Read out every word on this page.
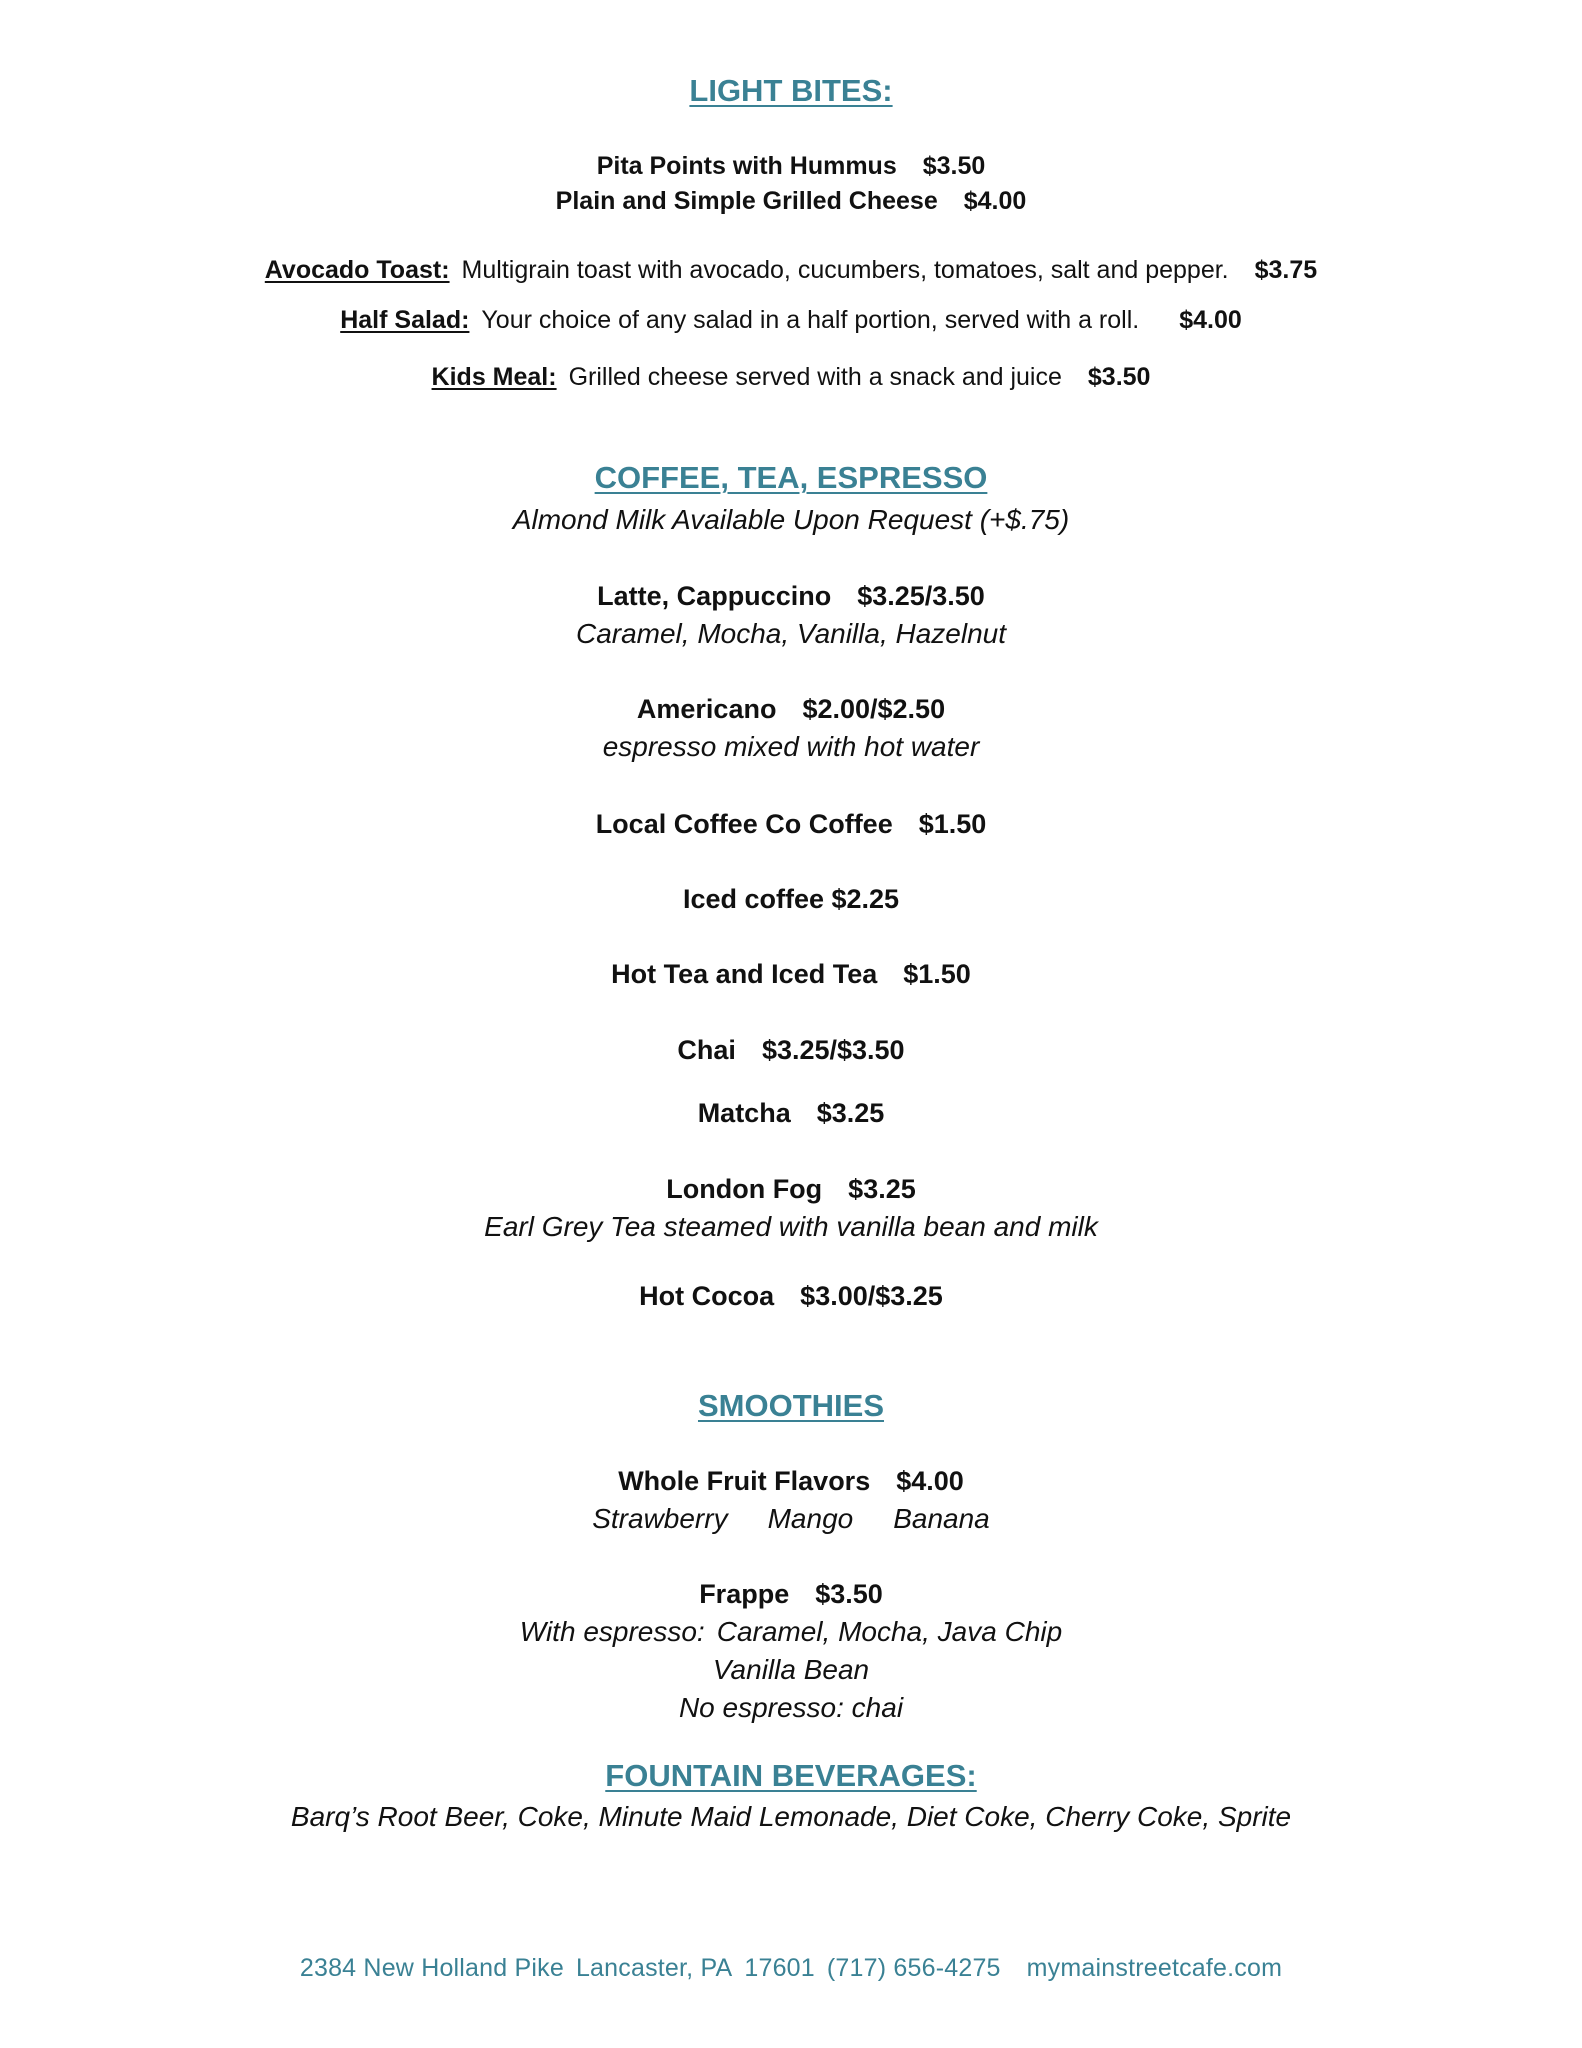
LIGHT BITES:
Pita Points with Hummus $3.50
Plain and Simple Grilled Cheese $4.00
Avocado Toast: Multigrain toast with avocado, cucumbers, tomatoes, salt and pepper. $3.75
Half Salad: Your choice of any salad in a half portion, served with a roll. $4.00
Kids Meal: Grilled cheese served with a snack and juice $3.50
COFFEE, TEA, ESPRESSO
Almond Milk Available Upon Request (+$.75)
Latte, Cappuccino $3.25/3.50
Caramel, Mocha, Vanilla, Hazelnut
Americano $2.00/$2.50
espresso mixed with hot water
Local Coffee Co Coffee $1.50
Iced coffee $2.25
Hot Tea and Iced Tea $1.50
Chai $3.25/$3.50
Matcha $3.25
London Fog $3.25
Earl Grey Tea steamed with vanilla bean and milk
Hot Cocoa $3.00/$3.25
SMOOTHIES
Whole Fruit Flavors $4.00
Strawberry Mango Banana
Frappe $3.50
With espresso: Caramel, Mocha, Java Chip
Vanilla Bean
No espresso: chai
FOUNTAIN BEVERAGES:
Barq’s Root Beer, Coke, Minute Maid Lemonade, Diet Coke, Cherry Coke, Sprite
2384 New Holland Pike Lancaster, PA 17601 (717) 656-4275 mymainstreetcafe.com
